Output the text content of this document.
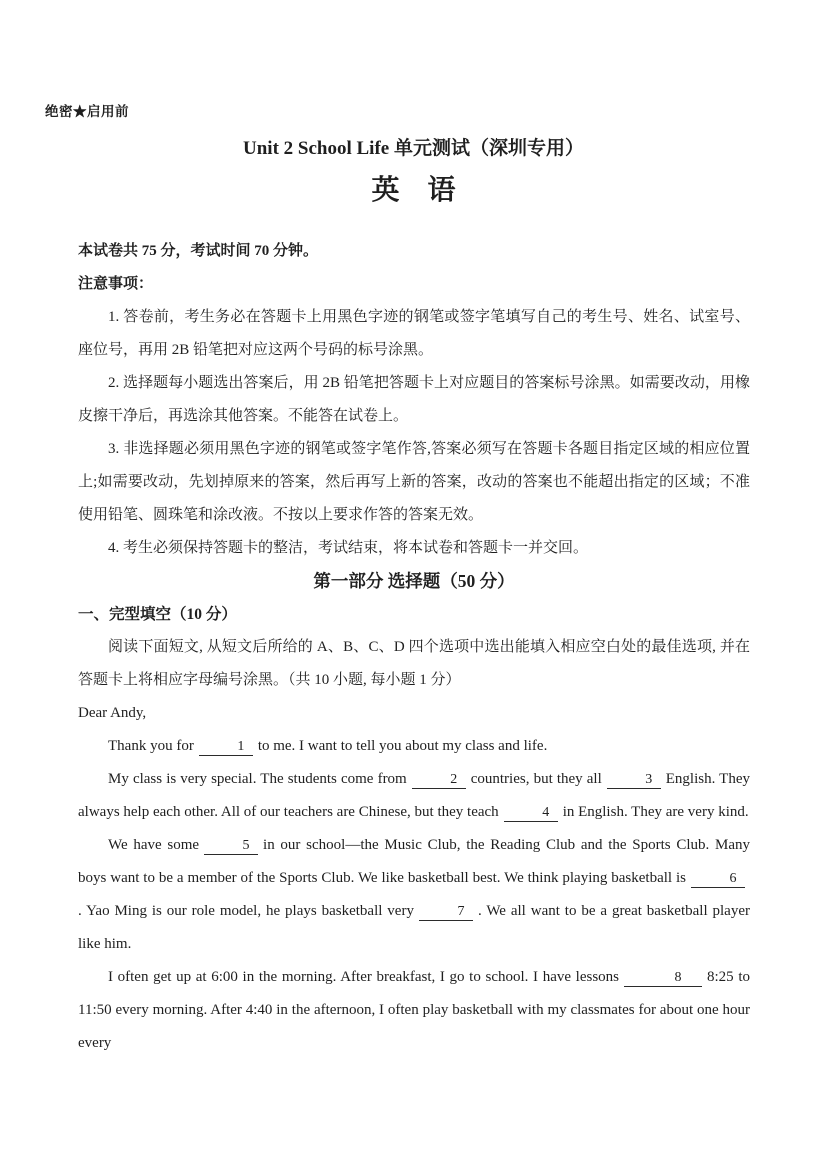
绝密★启用前
Unit 2 School Life 单元测试（深圳专用）
英　语

本试卷共 75 分，考试时间 70 分钟。

注意事项：

1. 答卷前，考生务必在答题卡上用黑色字迹的钢笔或签字笔填写自己的考生号、姓名、试室号、座位号，再用 2B 铅笔把对应这两个号码的标号涂黑。

2. 选择题每小题选出答案后，用 2B 铅笔把答题卡上对应题目的答案标号涂黑。如需要改动，用橡皮擦干净后，再选涂其他答案。不能答在试卷上。

3. 非选择题必须用黑色字迹的钢笔或签字笔作答,答案必须写在答题卡各题目指定区域的相应位置上;如需要改动，先划掉原来的答案，然后再写上新的答案，改动的答案也不能超出指定的区域；不准使用铅笔、圆珠笔和涂改液。不按以上要求作答的答案无效。

4. 考生必须保持答题卡的整洁，考试结束，将本试卷和答题卡一并交回。

第一部分 选择题（50 分）
一、完型填空（10 分）

阅读下面短文, 从短文后所给的 A、B、C、D 四个选项中选出能填入相应空白处的最佳选项, 并在答题卡上将相应字母编号涂黑。（共 10 小题, 每小题 1 分）

Dear Andy,

Thank you for	1 to me. I want to tell you about my class and life.

My class is very special. The students come from	2 countries, but they all	3 English. They always help each other. All of our teachers are Chinese, but they teach	4 in English. They are very kind.

We have some	5 in our school—the Music Club, the Reading Club and the Sports Club. Many boys want to be a member of the Sports Club. We like basketball best. We think playing basketball is	6. Yao Ming is our role model, he plays basketball very	7 . We all want to be a great basketball player like him.

I often get up at 6:00 in the morning. After breakfast, I go to school. I have lessons	8 8:25 to 11:50 every morning. After 4:40 in the afternoon, I often play basketball with my classmates for about one hour every
